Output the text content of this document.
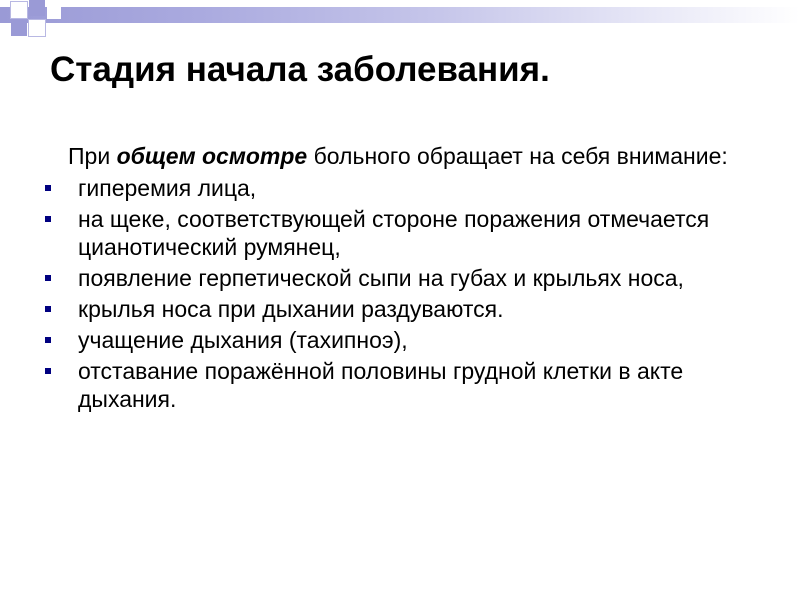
Стадия начала заболевания.

При общем осмотре больного обращает на себя внимание:

гиперемия лица,
на щеке, соответствующей стороне поражения отмечается цианотический румянец,
появление герпетической сыпи на губах и крыльях носа,
крылья носа при дыхании раздуваются.
учащение дыхания (тахипноэ),
отставание поражённой половины грудной клетки в акте дыхания.
